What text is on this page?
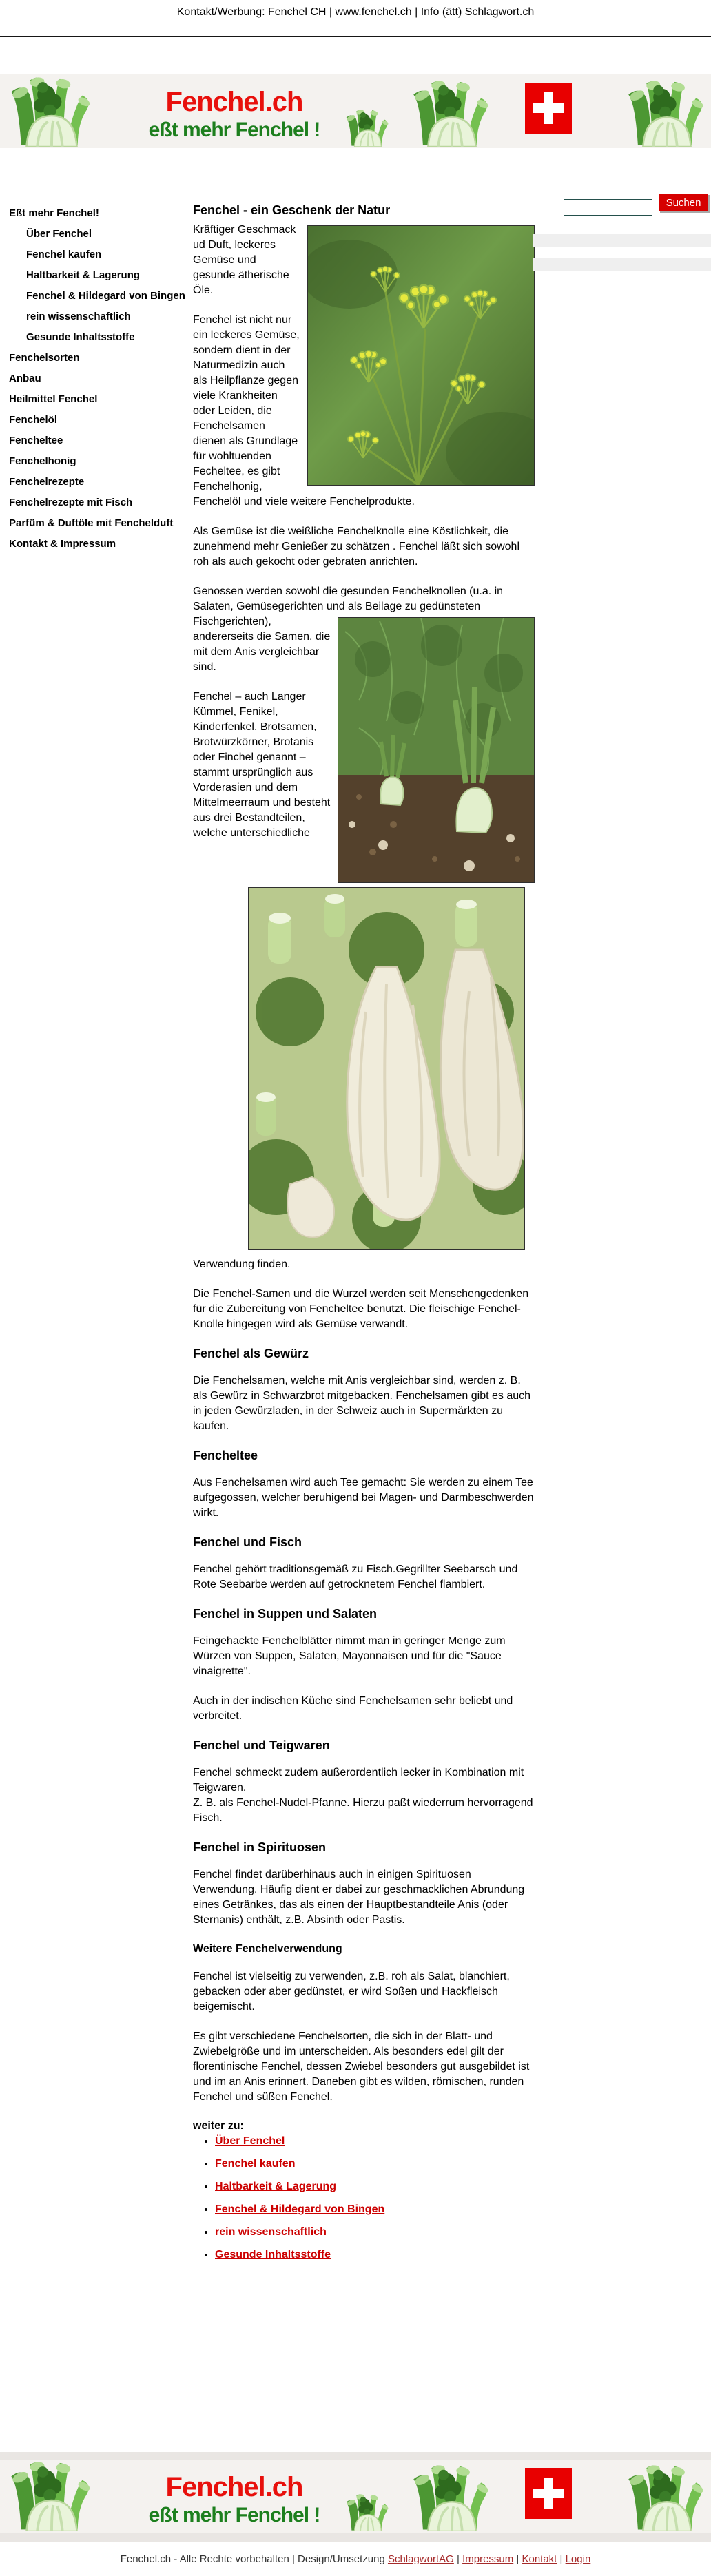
Kontakt/Werbung: Fenchel CH | www.fenchel.ch | Info (ätt) Schlagwort.ch
Fenchel.ch
eßt mehr Fenchel !
Eßt mehr Fenchel!
Über Fenchel
Fenchel kaufen
Haltbarkeit & Lagerung
Fenchel & Hildegard von Bingen
rein wissenschaftlich
Gesunde Inhaltsstoffe
Fenchelsorten
Anbau
Heilmittel Fenchel
Fenchelöl
Fencheltee
Fenchelhonig
Fenchelrezepte
Fenchelrezepte mit Fisch
Parfüm & Duftöle mit Fenchelduft
Kontakt & Impressum
Suchen
Fenchel - ein Geschenk der Natur

Kräftiger Geschmack ud Duft, leckeres Gemüse und gesunde ätherische Öle.

Fenchel ist nicht nur ein leckeres Gemüse, sondern dient in der Naturmedizin auch als Heilpflanze gegen viele Krankheiten oder Leiden, die Fenchelsamen dienen als Grundlage für wohltuenden Fecheltee, es gibt Fenchelhonig, Fenchelöl und viele weitere Fenchelprodukte.

Als Gemüse ist die weißliche Fenchelknolle eine Köstlichkeit, die zunehmend mehr Genießer zu schätzen . Fenchel läßt sich sowohl roh als auch gekocht oder gebraten anrichten.

Genossen werden sowohl die gesunden Fenchelknollen (u.a. in Salaten, Gemüsegerichten und als Beilage zu
gedünsteten Fischgerichten), andererseits die Samen, die mit dem Anis vergleichbar sind.

Fenchel – auch Langer Kümmel, Fenikel, Kinderfenkel, Brotsamen, Brotwürzkörner, Brotanis oder Finchel genannt – stammt ursprünglich aus Vorderasien und dem Mittelmeerraum und besteht aus drei Bestandteilen, welche unterschiedliche

Verwendung finden.

Die Fenchel-Samen und die Wurzel werden seit Menschengedenken für die Zubereitung von Fencheltee benutzt. Die fleischige Fenchel-Knolle hingegen wird als Gemüse verwandt.

Fenchel als Gewürz

Die Fenchelsamen, welche mit Anis vergleichbar sind, werden z. B. als Gewürz in Schwarzbrot mitgebacken. Fenchelsamen gibt es auch in jeden Gewürzladen, in der Schweiz auch in Supermärkten zu kaufen.

Fencheltee

Aus Fenchelsamen wird auch Tee gemacht: Sie werden zu einem Tee aufgegossen, welcher beruhigend bei Magen- und Darmbeschwerden wirkt.

Fenchel und Fisch

Fenchel gehört traditionsgemäß zu Fisch.Gegrillter Seebarsch und Rote Seebarbe werden auf getrocknetem Fenchel flambiert.

Fenchel in Suppen und Salaten

Feingehackte Fenchelblätter nimmt man in geringer Menge zum Würzen von Suppen, Salaten, Mayonnaisen und für die "Sauce vinaigrette".

Auch in der indischen Küche sind Fenchelsamen sehr beliebt und verbreitet.

Fenchel und Teigwaren

Fenchel schmeckt zudem außerordentlich lecker in Kombination mit Teigwaren.
Z. B. als Fenchel-Nudel-Pfanne. Hierzu paßt wiederrum hervorragend Fisch.

Fenchel in Spirituosen

Fenchel findet darüberhinaus auch in einigen Spirituosen Verwendung. Häufig dient er dabei zur geschmacklichen Abrundung eines Getränkes, das als einen der Hauptbestandteile Anis (oder Sternanis) enthält, z.B. Absinth oder Pastis.

Weitere Fenchelverwendung

Fenchel ist vielseitig zu verwenden, z.B. roh als Salat, blanchiert, gebacken oder aber gedünstet, er wird Soßen und Hackfleisch beigemischt.

Es gibt verschiedene Fenchelsorten, die sich in der Blatt- und Zwiebelgröße und im unterscheiden. Als besonders edel gilt der florentinische Fenchel, dessen Zwiebel besonders gut ausgebildet ist und im an Anis erinnert. Daneben gibt es wilden, römischen, runden Fenchel und süßen Fenchel.

weiter zu:
• Über Fenchel
• Fenchel kaufen
• Haltbarkeit & Lagerung
• Fenchel & Hildegard von Bingen
• rein wissenschaftlich
• Gesunde Inhaltsstoffe
Fenchel.ch
eßt mehr Fenchel !
Fenchel.ch - Alle Rechte vorbehalten | Design/Umsetzung SchlagwortAG | Impressum | Kontakt | Login
